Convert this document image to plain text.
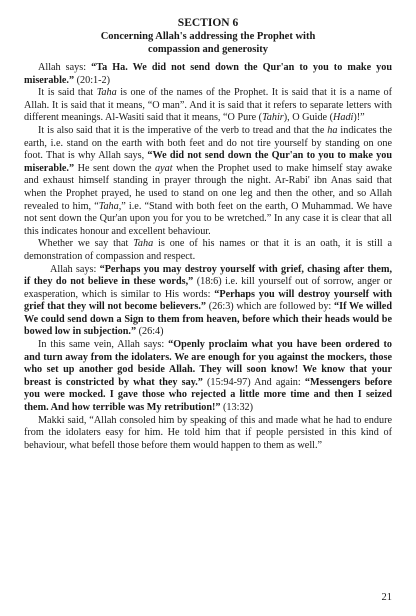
SECTION 6

Concerning Allah's addressing the Prophet with
compassion and generosity

Allah says: “Ta Ha. We did not send down the Qur'an to you to make you miserable.” (20:1-2)

It is said that Taha is one of the names of the Prophet. It is said that it is a name of Allah. It is said that it means, “O man”. And it is said that it refers to separate letters with different meanings. Al-Wasiti said that it means, “O Pure (Tahir), O Guide (Hadi)!”

It is also said that it is the imperative of the verb to tread and that the ha indicates the earth, i.e. stand on the earth with both feet and do not tire yourself by standing on one foot. That is why Allah says, “We did not send down the Qur'an to you to make you miserable.” He sent down the ayat when the Prophet used to make himself stay awake and exhaust himself standing in prayer through the night. Ar-Rabi' ibn Anas said that when the Prophet prayed, he used to stand on one leg and then the other, and so Allah revealed to him, “Taha,” i.e. “Stand with both feet on the earth, O Muhammad. We have not sent down the Qur'an upon you for you to be wretched.” In any case it is clear that all this indicates honour and excellent behaviour.

Whether we say that Taha is one of his names or that it is an oath, it is still a demonstration of compassion and respect.

Allah says: “Perhaps you may destroy yourself with grief, chasing after them, if they do not believe in these words,” (18:6) i.e. kill yourself out of sorrow, anger or exasperation, which is similar to His words: “Perhaps you will destroy yourself with grief that they will not become believers.” (26:3) which are followed by: “If We willed We could send down a Sign to them from heaven, before which their heads would be bowed low in subjection.” (26:4)

In this same vein, Allah says: “Openly proclaim what you have been ordered to and turn away from the idolaters. We are enough for you against the mockers, those who set up another god beside Allah. They will soon know! We know that your breast is constricted by what they say.” (15:94-97) And again: “Messengers before you were mocked. I gave those who rejected a little more time and then I seized them. And how terrible was My retribution!” (13:32)

Makki said, “Allah consoled him by speaking of this and made what he had to endure from the idolaters easy for him. He told him that if people persisted in this kind of behaviour, what befell those before them would happen to them as well.”

21
